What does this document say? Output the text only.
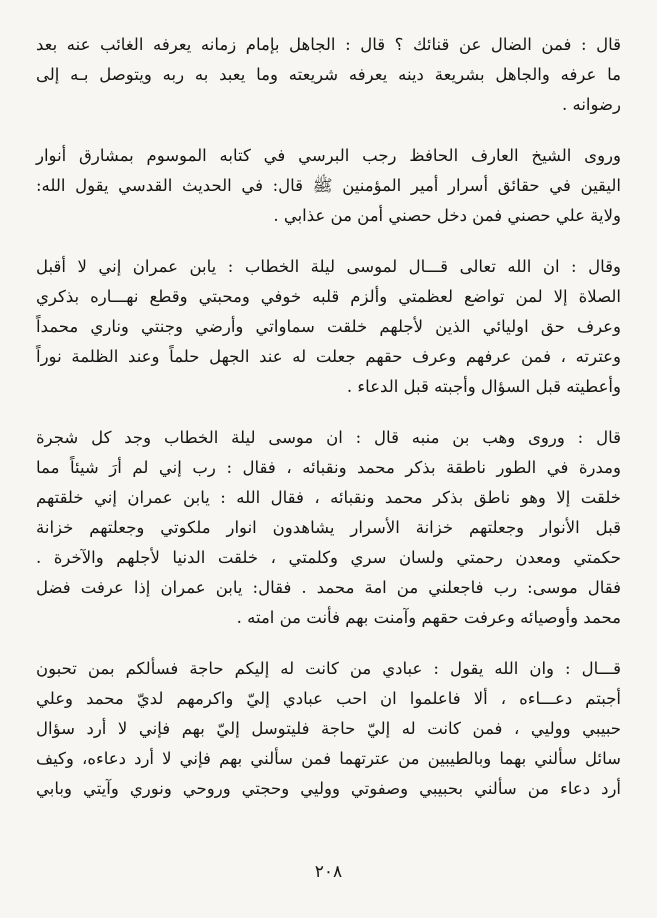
قال : فمن الضال عن قنائك ؟ قال : الجاهل بإمام زمانه يعرفه الغائب عنه بعد
ما عرفه والجاهل بشريعة دينه يعرفه شريعته وما يعبد به ربه ويتوصل بـه إلى
رضوانه .

وروى الشيخ العارف الحافظ رجب البرسي في كتابه الموسوم بمشارق أنوار
اليقين في حقائق أسرار أمير المؤمنين ﷺ قال: في الحديث القدسي يقول الله:
ولاية علي حصني فمن دخل حصني أمن من عذابي .

وقال : ان الله تعالى قـــال لموسى ليلة الخطاب : يابن عمران إني لا أقبل
الصلاة إلا لمن تواضع لعظمتي وألزم قلبه خوفي ومحبتي وقطع نهـــاره بذكري
وعرف حق اوليائي الذين لأجلهم خلقت سماواتي وأرضي وجنتي وناري محمداً
وعترته ، فمن عرفهم وعرف حقهم جعلت له عند الجهل حلماً وعند الظلمة نوراً
وأعطيته قبل السؤال وأجبته قبل الدعاء .

قال : وروى وهب بن منبه قال : ان موسى ليلة الخطاب وجد كل شجرة
ومدرة في الطور ناطقة بذكر محمد ونقبائه ، فقال : رب إني لم أرَ شيئاً مما
خلقت إلا وهو ناطق بذكر محمد ونقبائه ، فقال الله : يابن عمران إني خلقتهم
قبل الأنوار وجعلتهم خزانة الأسرار يشاهدون انوار ملكوتي وجعلتهم خزانة
حكمتي ومعدن رحمتي ولسان سري وكلمتي ، خلقت الدنيا لأجلهم والآخرة .
فقال موسى: رب فاجعلني من امة محمد . فقال: يابن عمران إذا عرفت فضل
محمد وأوصيائه وعرفت حقهم وآمنت بهم فأنت من امته .

قـــال : وان الله يقول : عبادي من كانت له إليكم حاجة فسألكم بمن تحبون
أجبتم دعـــاءه ، ألا فاعلموا ان احب عبادي إليّ واكرمهم لديّ محمد وعلي
حبيبي ووليي ، فمن كانت له إليّ حاجة فليتوسل إليّ بهم فإني لا أرد سؤال
سائل سألني بهما وبالطيبين من عترتهما فمن سألني بهم فإني لا أرد دعاءه، وكيف
أرد دعاء من سألني بحبيبي وصفوتي ووليي وحجتي وروحي ونوري وآيتي وبابي

٢٠٨
